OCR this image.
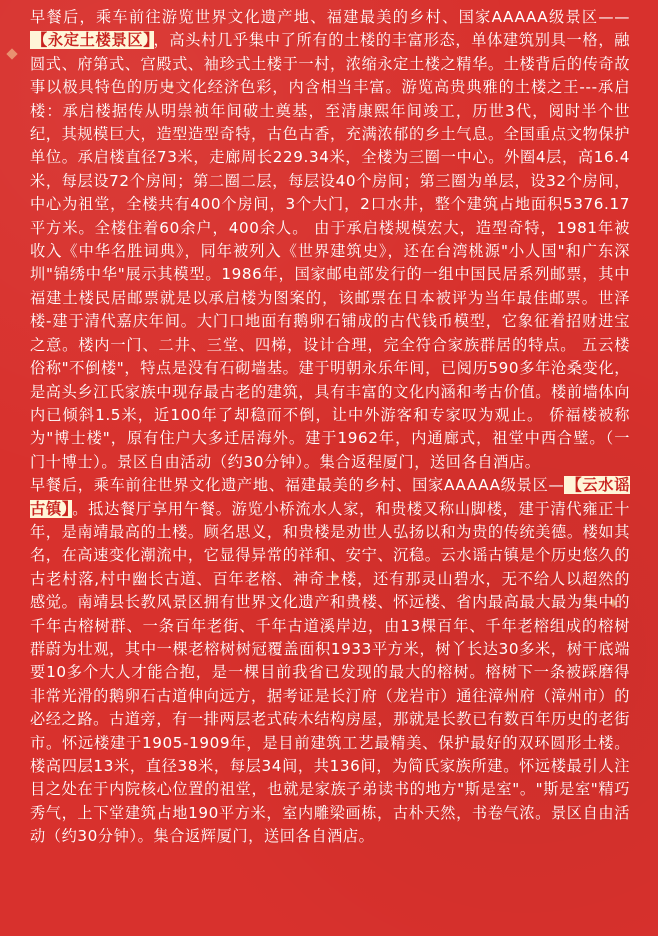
早餐后，乘车前往游览世界文化遗产地、福建最美的乡村、国家AAAAA级景区——【永定土楼景区】 ，高头村几乎集中了所有的土楼的丰富形态，单体建筑别具一格，融圆式、府第式、宫殿式、袖珍式土楼于一村，浓缩永定土楼之精华。土楼背后的传奇故事以极具特色的历史文化经济色彩，内含相当丰富。游览高贵典雅的土楼之王---承启楼：承启楼据传从明崇祯年间破土奠基，至清康熙年间竣工，历世3代，阅时半个世纪，其规模巨大，造型造型奇特，古色古香，充满浓郁的乡土气息。全国重点文物保护单位。承启楼直径73米，走廊周长229.34米，全楼为三圈一中心。外圈4层，高16.4米，每层设72个房间；第二圈二层，每层设40个房间；第三圈为单层，设32个房间，中心为祖堂，全楼共有400个房间，3个大门，2口水井，整个建筑占地面积5376.17平方米。全楼住着60余户，400余人。 由于承启楼规模宏大，造型奇特，1981年被收入《中华名胜词典》，同年被列入《世界建筑史》，还在台湾桃源"小人国"和广东深圳"锦绣中华"展示其模型。1986年，国家邮电部发行的一组中国民居系列邮票，其中福建土楼民居邮票就是以承启楼为图案的，该邮票在日本被评为当年最佳邮票。世泽楼-建于清代嘉庆年间。大门口地面有鹅卵石铺成的古代钱币模型，它象征着招财进宝之意。楼内一门、二井、三堂、四梯，设计合理，完全符合家族群居的特点。 五云楼俗称"不倒楼"，特点是没有石砌墙基。建于明朝永乐年间，已阅历590多年沧桑变化，是高头乡江氏家族中现存最古老的建筑，具有丰富的文化内涵和考古价值。楼前墙体向内已倾斜1.5米，近100年了却稳而不倒，让中外游客和专家叹为观止。 侨福楼被称为"博士楼"，原有住户大多迁居海外。建于1962年，内通廊式，祖堂中西合璧。（一门十博士）。景区自由活动（约30分钟）。集合返程厦门，送回各自酒店。

早餐后，乘车前往世界文化遗产地、福建最美的乡村、国家AAAAA级景区— 【云水谣古镇】 。抵达餐厅享用午餐。游览小桥流水人家，和贵楼又称山脚楼，建于清代雍正十年，是南靖最高的土楼。顾名思义，和贵楼是劝世人弘扬以和为贵的传统美德。楼如其名，在高速变化潮流中，它显得异常的祥和、安宁、沉稳。云水谣古镇是个历史悠久的古老村落,村中幽长古道、百年老榕、神奇土楼，还有那灵山碧水，无不给人以超然的感觉。南靖县长教风景区拥有世界文化遗产和贵楼、怀远楼、省内最高最大最为集中的千年古榕树群、一条百年老街、千年古道溪岸边，由13棵百年、千年老榕组成的榕树群蔚为壮观，其中一棵老榕树树冠覆盖面积1933平方米，树丫长达30多米，树干底端要10多个大人才能合抱，是一棵目前我省已发现的最大的榕树。榕树下一条被踩磨得非常光滑的鹅卵石古道伸向远方，据考证是长汀府（龙岩市）通往漳州府（漳州市）的必经之路。古道旁，有一排两层老式砖木结构房屋，那就是长教已有数百年历史的老街市。怀远楼建于1905-1909年，是目前建筑工艺最精美、保护最好的双环圆形土楼。楼高四层13米，直径38米，每层34间，共136间，为简氏家族所建。怀远楼最引人注目之处在于内院核心位置的祖堂，也就是家族子弟读书的地方"斯是室"。"斯是室"精巧秀气，上下堂建筑占地190平方米，室内雕梁画栋，古朴天然，书卷气浓。景区自由活动（约30分钟）。集合返辉厦门，送回各自酒店。
